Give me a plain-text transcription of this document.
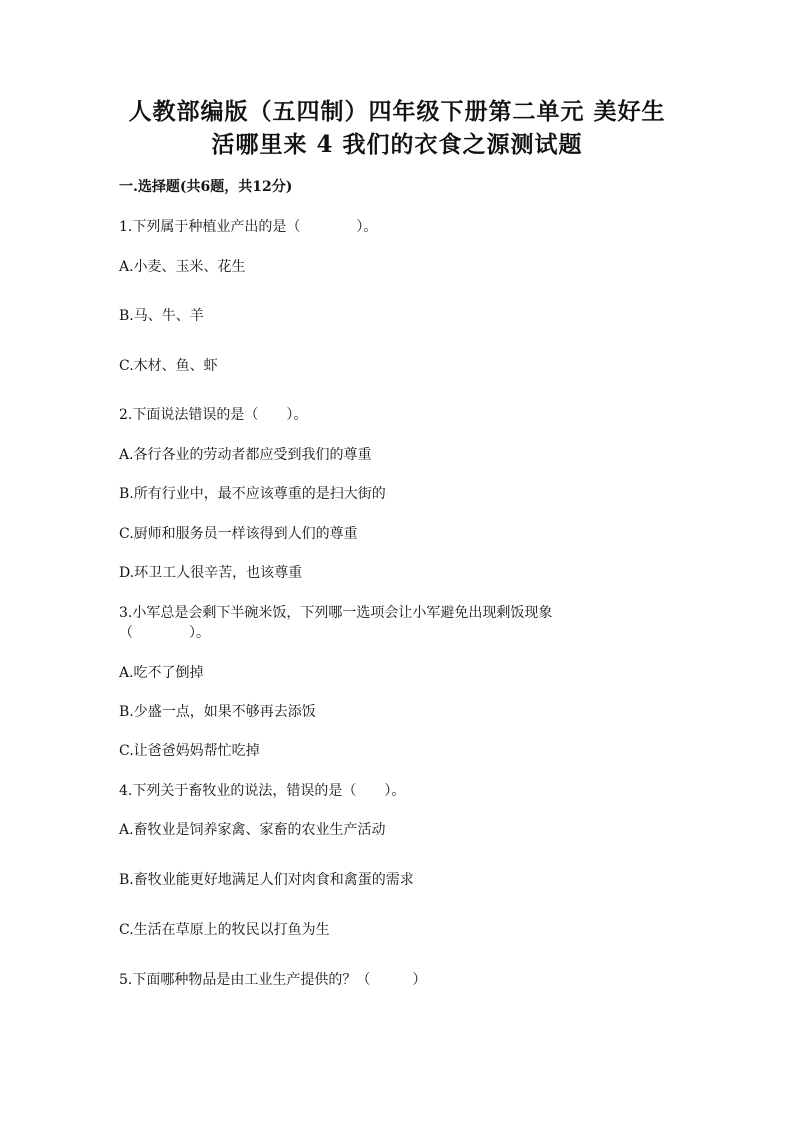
人教部编版（五四制）四年级下册第二单元 美好生
活哪里来 4 我们的衣食之源测试题
一.选择题(共6题，共12分)
1.下列属于种植业产出的是（　　　　）。
A.小麦、玉米、花生
B.马、牛、羊
C.木材、鱼、虾
2.下面说法错误的是（　　）。
A.各行各业的劳动者都应受到我们的尊重
B.所有行业中，最不应该尊重的是扫大街的
C.厨师和服务员一样该得到人们的尊重
D.环卫工人很辛苦，也该尊重
3.小军总是会剩下半碗米饭，下列哪一选项会让小军避免出现剩饭现象
（　　　　）。
A.吃不了倒掉
B.少盛一点，如果不够再去添饭
C.让爸爸妈妈帮忙吃掉
4.下列关于畜牧业的说法，错误的是（　　）。
A.畜牧业是饲养家禽、家畜的农业生产活动
B.畜牧业能更好地满足人们对肉食和禽蛋的需求
C.生活在草原上的牧民以打鱼为生
5.下面哪种物品是由工业生产提供的？（　　　）
